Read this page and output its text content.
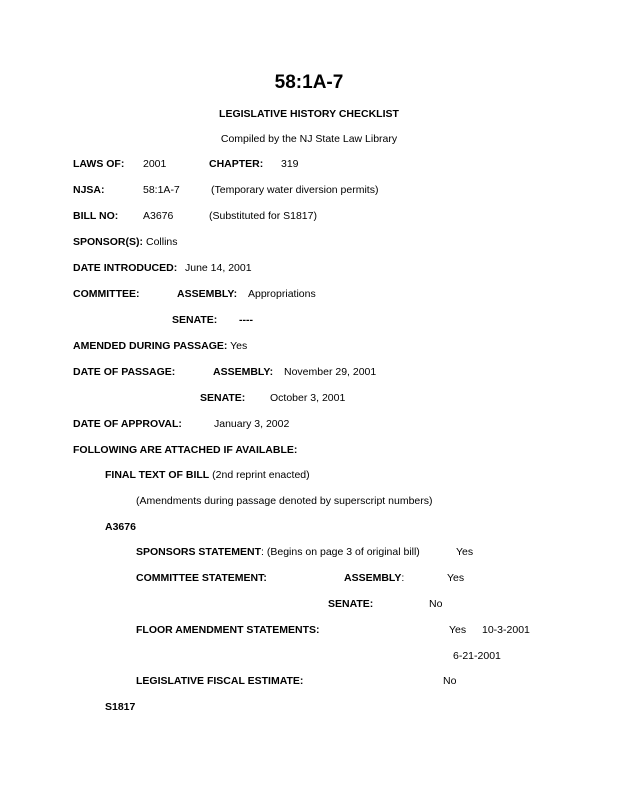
58:1A-7
LEGISLATIVE HISTORY CHECKLIST
Compiled by the NJ State Law Library
LAWS OF: 2001	CHAPTER: 319
NJSA:	58:1A-7	(Temporary water diversion permits)
BILL NO: A3676	(Substituted for S1817)
SPONSOR(S): Collins
DATE INTRODUCED: June 14, 2001
COMMITTEE:	ASSEMBLY: Appropriations
SENATE: ----
AMENDED DURING PASSAGE: Yes
DATE OF PASSAGE:	ASSEMBLY: November 29, 2001
SENATE: October 3, 2001
DATE OF APPROVAL:	January 3, 2002
FOLLOWING ARE ATTACHED IF AVAILABLE:
FINAL TEXT OF BILL (2nd reprint enacted)
(Amendments during passage denoted by superscript numbers)
A3676
SPONSORS STATEMENT: (Begins on page 3 of original bill)	Yes
COMMITTEE STATEMENT:	ASSEMBLY:	Yes
SENATE:	No
FLOOR AMENDMENT STATEMENTS:	Yes 10-3-2001
6-21-2001
LEGISLATIVE FISCAL ESTIMATE:	No
S1817
